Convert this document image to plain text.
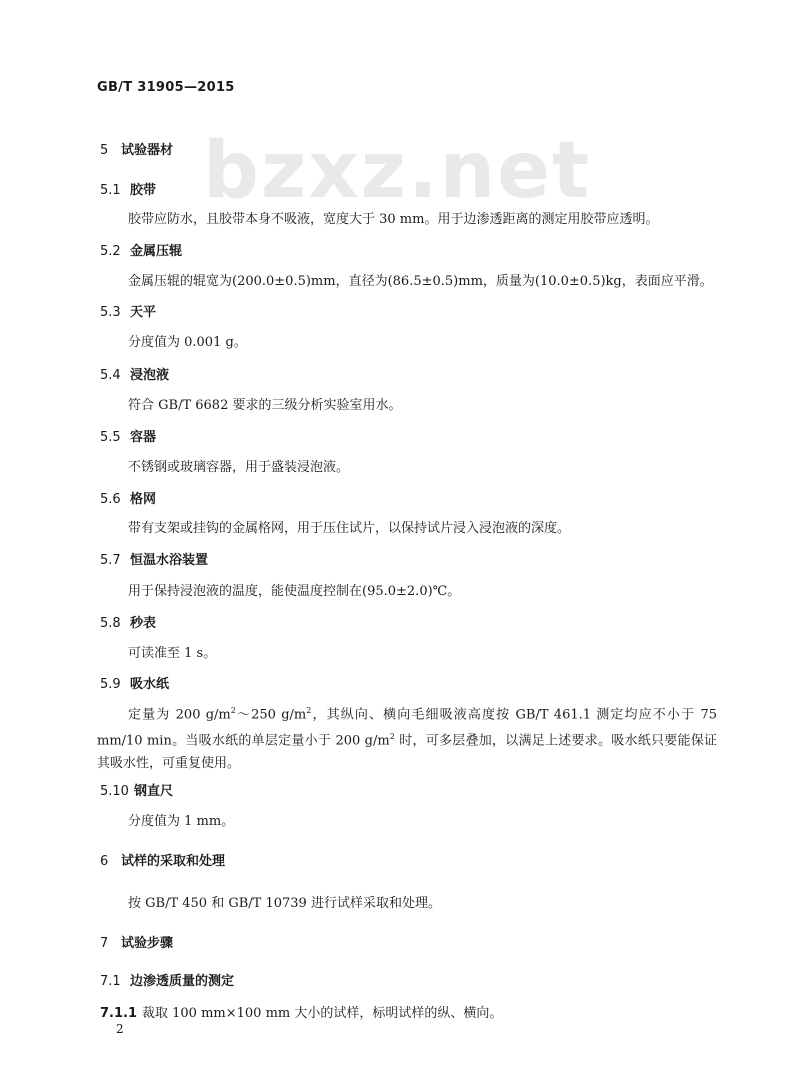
GB/T 31905—2015
bzxz.net
5 试验器材
5.1 胶带
胶带应防水，且胶带本身不吸液，宽度大于 30 mm。用于边渗透距离的测定用胶带应透明。
5.2 金属压辊
金属压辊的辊宽为(200.0±0.5)mm，直径为(86.5±0.5)mm，质量为(10.0±0.5)kg，表面应平滑。
5.3 天平
分度值为 0.001 g。
5.4 浸泡液
符合 GB/T 6682 要求的三级分析实验室用水。
5.5 容器
不锈钢或玻璃容器，用于盛装浸泡液。
5.6 格网
带有支架或挂钩的金属格网，用于压住试片，以保持试片浸入浸泡液的深度。
5.7 恒温水浴装置
用于保持浸泡液的温度，能使温度控制在(95.0±2.0)℃。
5.8 秒表
可读准至 1 s。
5.9 吸水纸
定量为 200 $g/m^2\sim 250$ $g/m^2$，其纵向、横向毛细吸液高度按 GB/T 461.1 测定均应不小于 75 mm/10 min。当吸水纸的单层定量小于 200 $g/m^2$ 时，可多层叠加，以满足上述要求。吸水纸只要能保证其吸水性，可重复使用。
5.10 钢直尺
分度值为 1 mm。
6 试样的采取和处理
按 GB/T 450 和 GB/T 10739 进行试样采取和处理。
7 试验步骤
7.1 边渗透质量的测定
7.1.1 裁取 100 mm×100 mm 大小的试样，标明试样的纵、横向。
2
